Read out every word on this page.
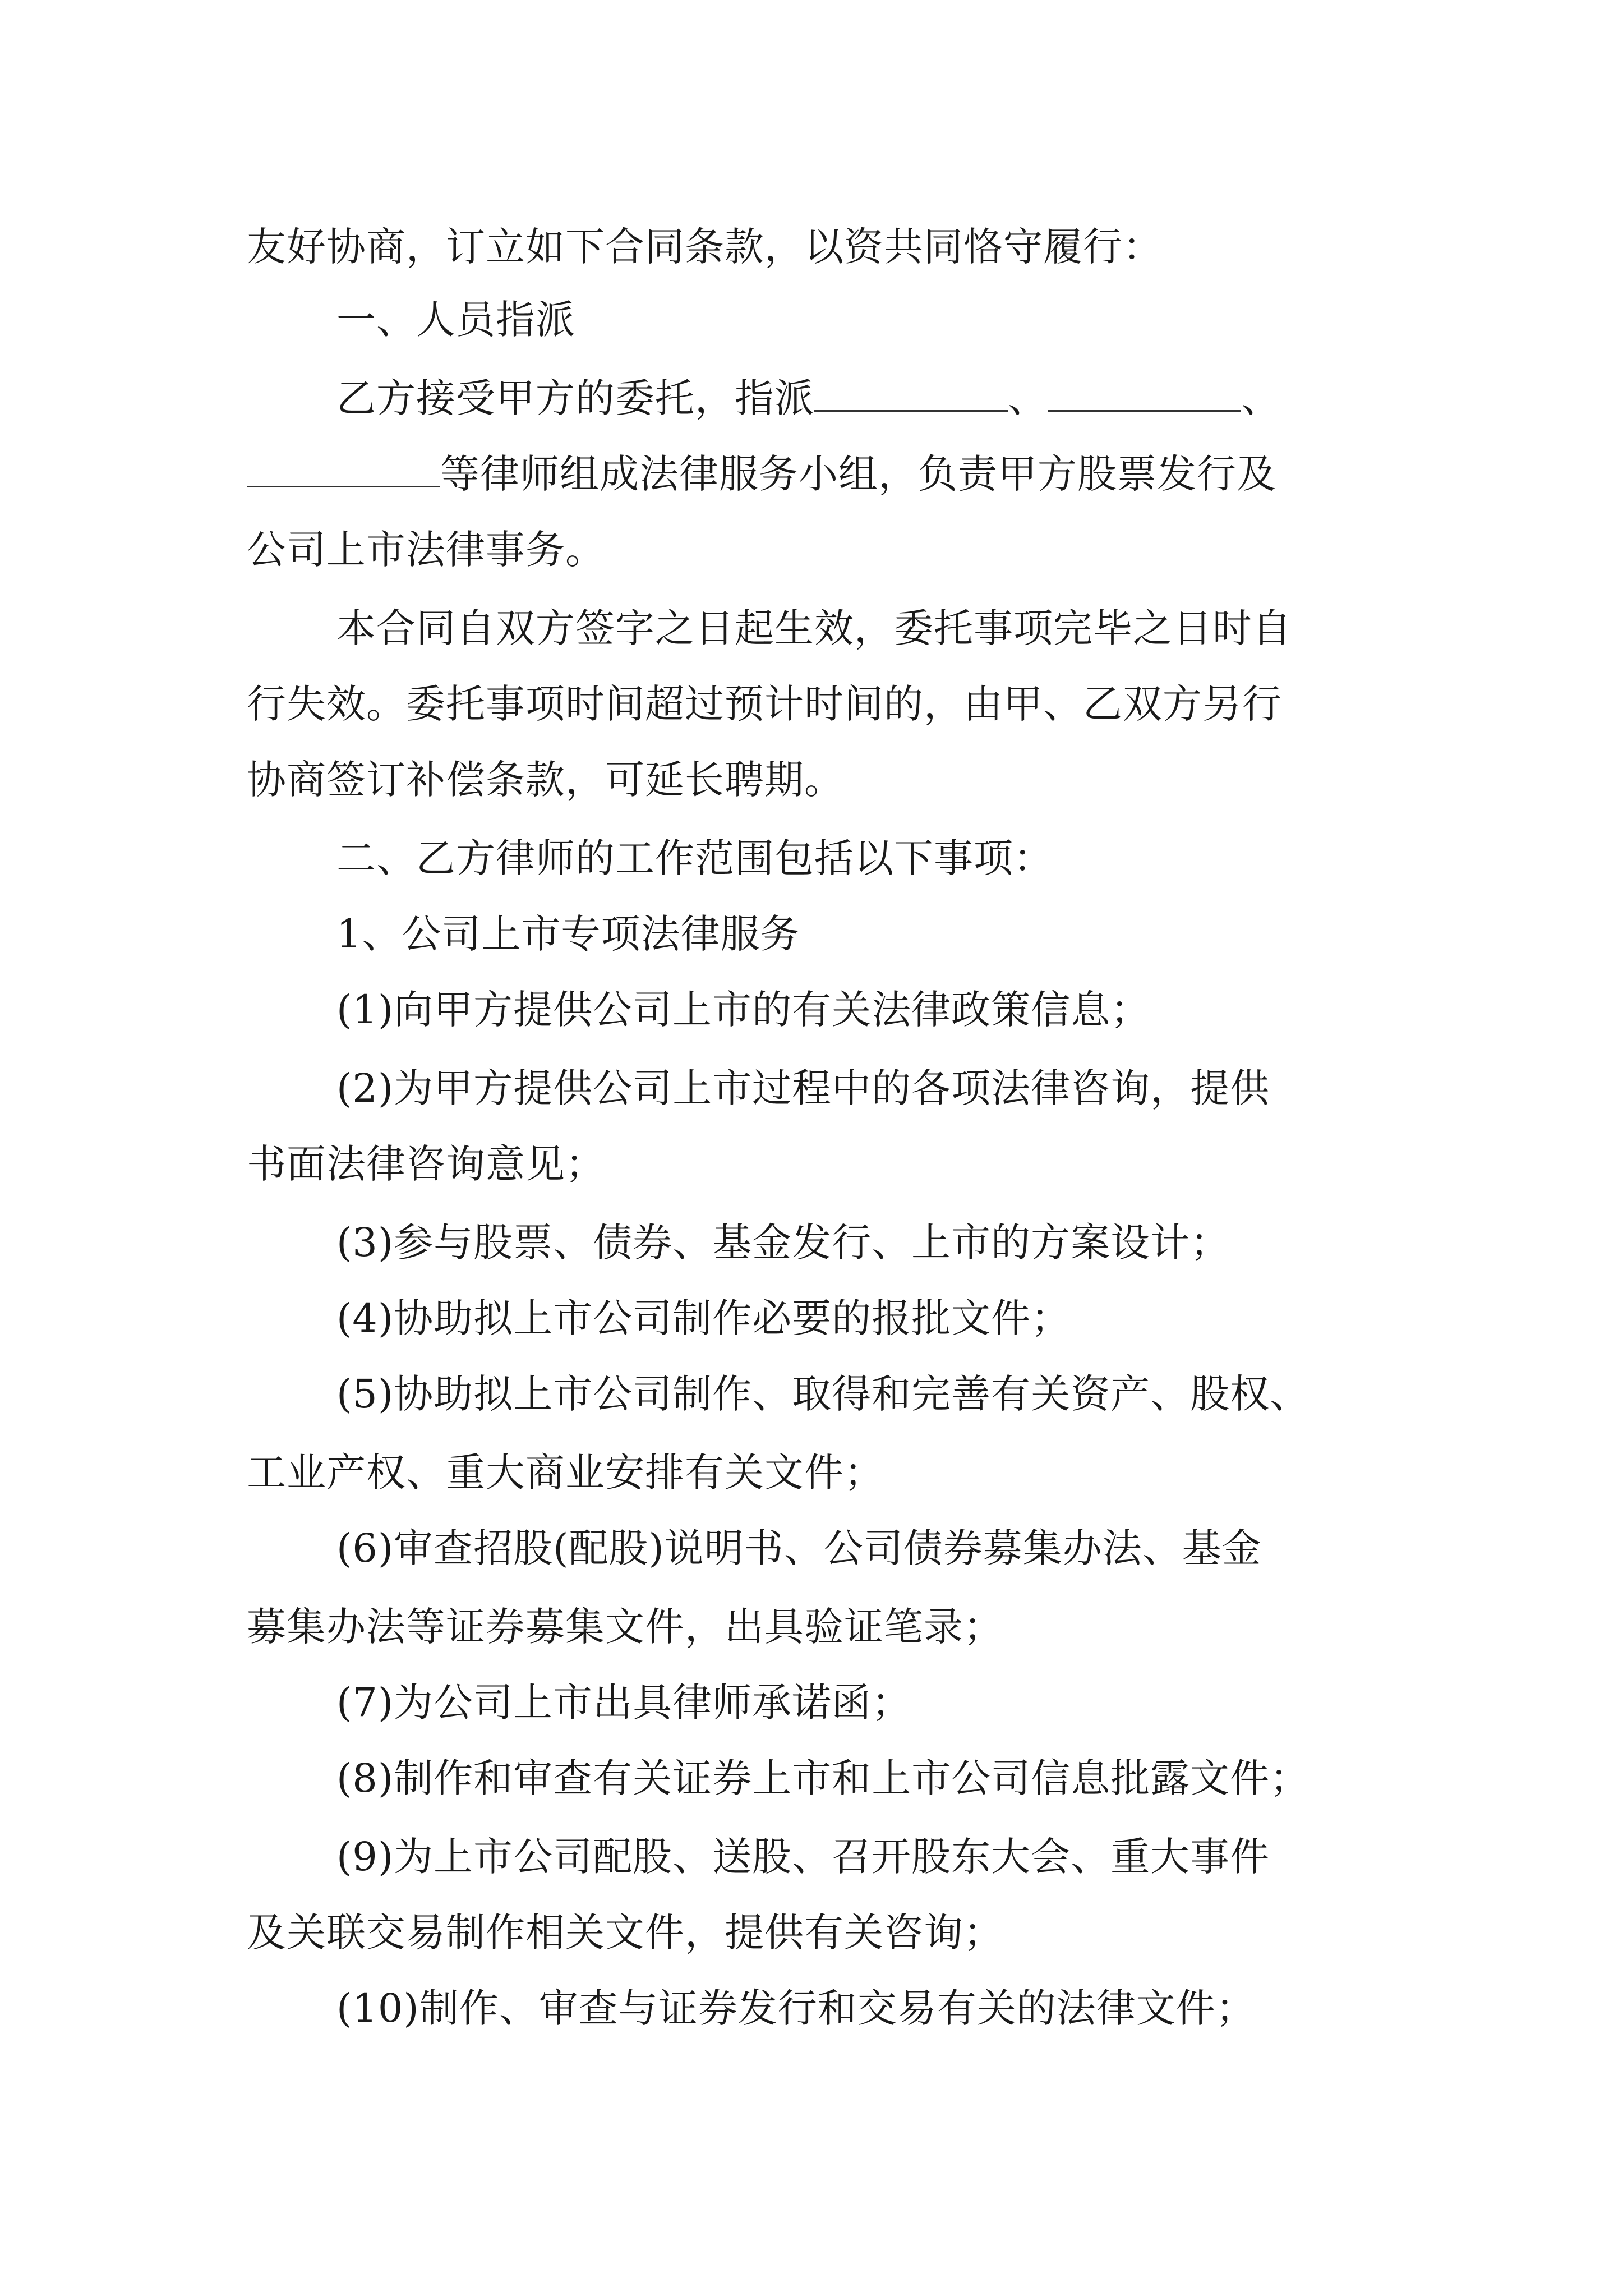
友好协商，订立如下合同条款，以资共同恪守履行：

一、人员指派

乙方接受甲方的委托，指派	、	、

等律师组成法律服务小组，负责甲方股票发行及

公司上市法律事务。

本合同自双方签字之日起生效，委托事项完毕之日时自

行失效。委托事项时间超过预计时间的，由甲、乙双方另行

协商签订补偿条款，可延长聘期。

二、乙方律师的工作范围包括以下事项：

1、公司上市专项法律服务

(1)向甲方提供公司上市的有关法律政策信息；

(2)为甲方提供公司上市过程中的各项法律咨询，提供

书面法律咨询意见；

(3)参与股票、债券、基金发行、上市的方案设计；

(4)协助拟上市公司制作必要的报批文件；

(5)协助拟上市公司制作、取得和完善有关资产、股权、

工业产权、重大商业安排有关文件；

(6)审查招股(配股)说明书、公司债券募集办法、基金

募集办法等证券募集文件，出具验证笔录；

(7)为公司上市出具律师承诺函；

(8)制作和审查有关证券上市和上市公司信息批露文件；

(9)为上市公司配股、送股、召开股东大会、重大事件

及关联交易制作相关文件，提供有关咨询；

(10)制作、审查与证券发行和交易有关的法律文件；
